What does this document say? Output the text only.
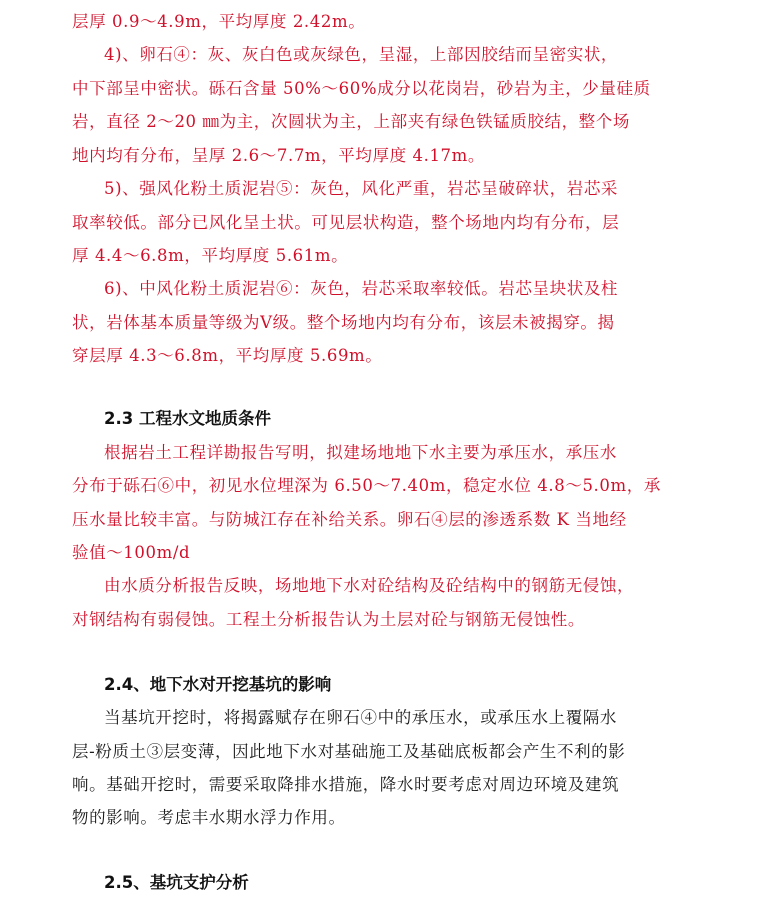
层厚 0.9～4.9m，平均厚度 2.42m。
4)、卵石④：灰、灰白色或灰绿色，呈湿，上部因胶结而呈密实状，
中下部呈中密状。砾石含量 50%～60%成分以花岗岩，砂岩为主，少量硅质
岩，直径 2～20 ㎜为主，次圆状为主，上部夹有绿色铁锰质胶结，整个场
地内均有分布，呈厚 2.6～7.7m，平均厚度 4.17m。
5)、强风化粉土质泥岩⑤：灰色，风化严重，岩芯呈破碎状，岩芯采
取率较低。部分已风化呈土状。可见层状构造，整个场地内均有分布，层
厚 4.4～6.8m，平均厚度 5.61m。
6)、中风化粉土质泥岩⑥：灰色，岩芯采取率较低。岩芯呈块状及柱
状，岩体基本质量等级为Ⅴ级。整个场地内均有分布，该层未被揭穿。揭
穿层厚 4.3～6.8m，平均厚度 5.69m。
2.3 工程水文地质条件
根据岩土工程详勘报告写明，拟建场地地下水主要为承压水，承压水
分布于砾石⑥中，初见水位埋深为 6.50～7.40m，稳定水位 4.8～5.0m，承
压水量比较丰富。与防城江存在补给关系。卵石④层的渗透系数 K 当地经
验值～100m/d
由水质分析报告反映，场地地下水对砼结构及砼结构中的钢筋无侵蚀，
对钢结构有弱侵蚀。工程土分析报告认为土层对砼与钢筋无侵蚀性。
2.4、地下水对开挖基坑的影响
当基坑开挖时，将揭露赋存在卵石④中的承压水，或承压水上覆隔水
层-粉质土③层变薄，因此地下水对基础施工及基础底板都会产生不利的影
响。基础开挖时，需要采取降排水措施，降水时要考虑对周边环境及建筑
物的影响。考虑丰水期水浮力作用。
2.5、基坑支护分析
